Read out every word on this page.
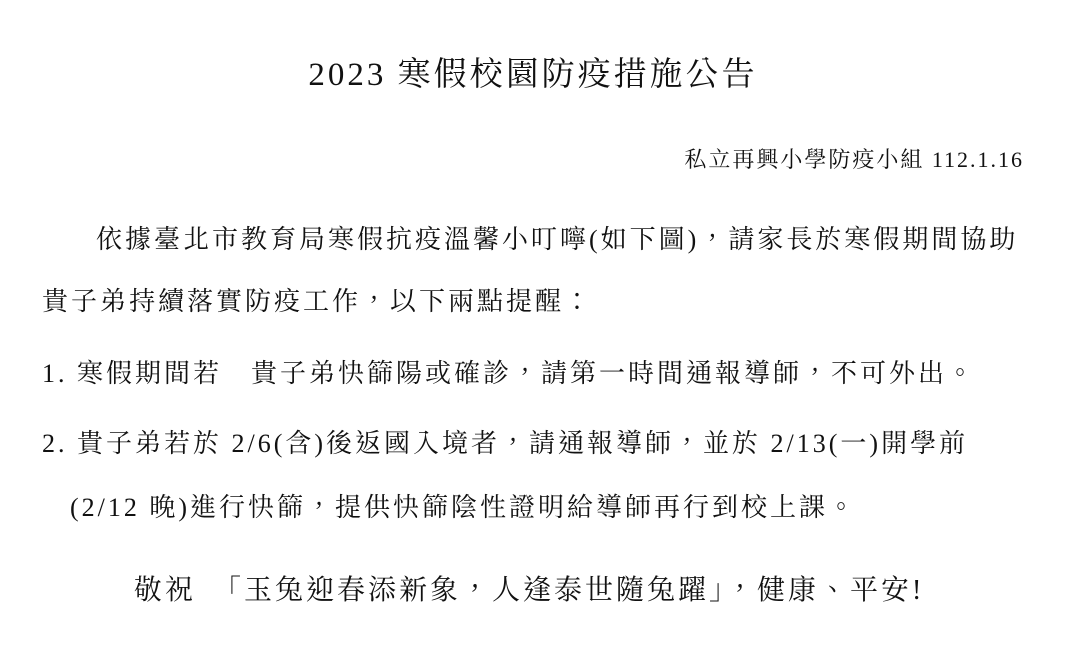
2023 寒假校園防疫措施公告
私立再興小學防疫小組 112.1.16

依據臺北市教育局寒假抗疫溫馨小叮嚀(如下圖)，請家長於寒假期間協助

貴子弟持續落實防疫工作，以下兩點提醒：

1. 寒假期間若　貴子弟快篩陽或確診，請第一時間通報導師，不可外出。

2. 貴子弟若於 2/6(含)後返國入境者，請通報導師，並於 2/13(一)開學前

(2/12 晚)進行快篩，提供快篩陰性證明給導師再行到校上課。

敬祝　「玉兔迎春添新象，人逢泰世隨兔躍」，健康、平安!
